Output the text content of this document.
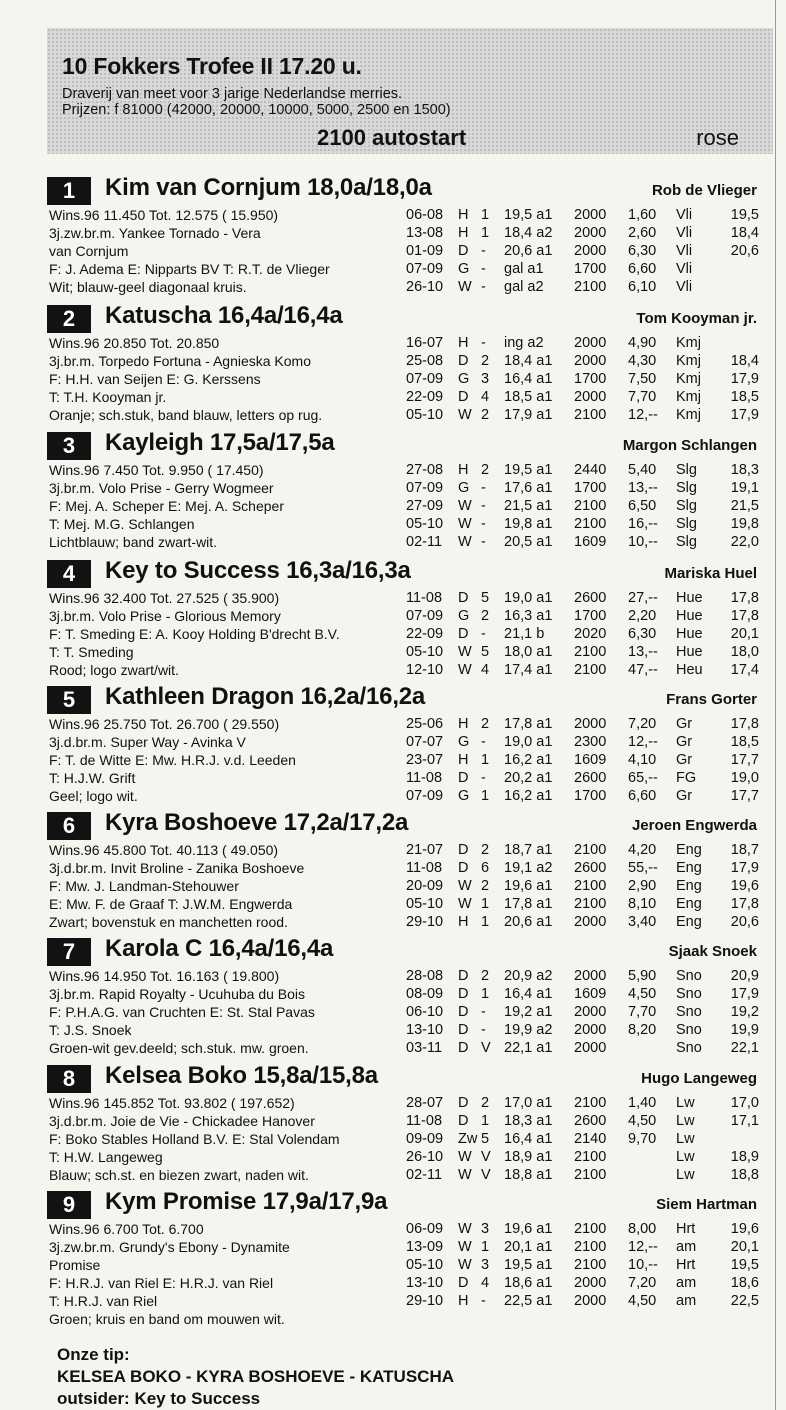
10 Fokkers Trofee II 17.20 u.
Draverij van meet voor 3 jarige Nederlandse merries.
Prijzen: f 81000 (42000, 20000, 10000, 5000, 2500 en 1500)
2100 autostart	rose
1	Kim van Cornjum 18,0a/18,0a	Rob de Vlieger
Wins.96 11.450 Tot. 12.575 ( 15.950)
3j.zw.br.m. Yankee Tornado - Vera
van Cornjum
F: J. Adema E: Nipparts BV T: R.T. de Vlieger
Wit; blauw-geel diagonaal kruis.
06-08 H 1 19,5 a1 2000 1,60 Vli	19,5
13-08 H 1 18,4 a2 2000 2,60 Vli	18,4
01-09 D - 20,6 a1 2000 6,30 Vli	20,6
07-09 G - gal a1 1700 6,60 Vli
26-10 W - gal a2 2100 6,10 Vli
2	Katuscha 16,4a/16,4a	Tom Kooyman jr.
Wins.96 20.850 Tot. 20.850
3j.br.m. Torpedo Fortuna - Agnieska Komo
F: H.H. van Seijen E: G. Kerssens
T: T.H. Kooyman jr.
Oranje; sch.stuk, band blauw, letters op rug.
16-07 H - ing a2 2000 4,90 Kmj
25-08 D 2 18,4 a1 2000 4,30 Kmj 18,4
07-09 G 3 16,4 a1 1700 7,50 Kmj 17,9
22-09 D 4 18,5 a1 2000 7,70 Kmj 18,5
05-10 W 2 17,9 a1 2100 12,-- Kmj 17,9
3	Kayleigh 17,5a/17,5a	Margon Schlangen
Wins.96 7.450 Tot. 9.950 ( 17.450)
3j.br.m. Volo Prise - Gerry Wogmeer
F: Mej. A. Scheper E: Mej. A. Scheper
T: Mej. M.G. Schlangen
Lichtblauw; band zwart-wit.
27-08 H 2 19,5 a1 2440 5,40 Slg 18,3
07-09 G - 17,6 a1 1700 13,-- Slg 19,1
27-09 W - 21,5 a1 2100 6,50 Slg 21,5
05-10 W - 19,8 a1 2100 16,-- Slg 19,8
02-11 W - 20,5 a1 1609 10,-- Slg 22,0
4	Key to Success 16,3a/16,3a	Mariska Huel
Wins.96 32.400 Tot. 27.525 ( 35.900)
3j.br.m. Volo Prise - Glorious Memory
F: T. Smeding E: A. Kooy Holding B'drecht B.V.
T: T. Smeding
Rood; logo zwart/wit.
11-08 D 5 19,0 a1 2600 27,-- Hue 17,8
07-09 G 2 16,3 a1 1700 2,20 Hue 17,8
22-09 D - 21,1 b 2020 6,30 Hue 20,1
05-10 W 5 18,0 a1 2100 13,-- Hue 18,0
12-10 W 4 17,4 a1 2100 47,-- Heu 17,4
5	Kathleen Dragon 16,2a/16,2a	Frans Gorter
Wins.96 25.750 Tot. 26.700 ( 29.550)
3j.d.br.m. Super Way - Avinka V
F: T. de Witte E: Mw. H.R.J. v.d. Leeden
T: H.J.W. Grift
Geel; logo wit.
25-06 H 2 17,8 a1 2000 7,20 Gr	17,8
07-07 G - 19,0 a1 2300 12,-- Gr	18,5
23-07 H 1 16,2 a1 1609 4,10 Gr	17,7
11-08 D - 20,2 a1 2600 65,-- FG 19,0
07-09 G 1 16,2 a1 1700 6,60 Gr	17,7
6	Kyra Boshoeve 17,2a/17,2a	Jeroen Engwerda
Wins.96 45.800 Tot. 40.113 ( 49.050)
3j.d.br.m. Invit Broline - Zanika Boshoeve
F: Mw. J. Landman-Stehouwer
E: Mw. F. de Graaf T: J.W.M. Engwerda
Zwart; bovenstuk en manchetten rood.
21-07 D 2 18,7 a1 2100 4,20 Eng 18,7
11-08 D 6 19,1 a2 2600 55,-- Eng 17,9
20-09 W 2 19,6 a1 2100 2,90 Eng 19,6
05-10 W 1 17,8 a1 2100 8,10 Eng 17,8
29-10 H 1 20,6 a1 2000 3,40 Eng 20,6
7	Karola C 16,4a/16,4a	Sjaak Snoek
Wins.96 14.950 Tot. 16.163 ( 19.800)
3j.br.m. Rapid Royalty - Ucuhuba du Bois
F: P.H.A.G. van Cruchten E: St. Stal Pavas
T: J.S. Snoek
Groen-wit gev.deeld; sch.stuk. mw. groen.
28-08 D 2 20,9 a2 2000 5,90 Sno 20,9
08-09 D 1 16,4 a1 1609 4,50 Sno 17,9
06-10 D - 19,2 a1 2000 7,70 Sno 19,2
13-10 D - 19,9 a2 2000 8,20 Sno 19,9
03-11 D V 22,1 a1 2000	Sno 22,1
8	Kelsea Boko 15,8a/15,8a	Hugo Langeweg
Wins.96 145.852 Tot. 93.802 ( 197.652)
3j.d.br.m. Joie de Vie - Chickadee Hanover
F: Boko Stables Holland B.V. E: Stal Volendam
T: H.W. Langeweg
Blauw; sch.st. en biezen zwart, naden wit.
28-07 D 2 17,0 a1 2100 1,40 Lw 17,0
11-08 D 1 18,3 a1 2600 4,50 Lw 17,1
09-09 Zw 5 16,4 a1 2140 9,70 Lw
26-10 W V 18,9 a1 2100	Lw 18,9
02-11 W V 18,8 a1 2100	Lw 18,8
9	Kym Promise 17,9a/17,9a	Siem Hartman
Wins.96 6.700 Tot. 6.700
3j.zw.br.m. Grundy's Ebony - Dynamite
Promise
F: H.R.J. van Riel E: H.R.J. van Riel
T: H.R.J. van Riel
Groen; kruis en band om mouwen wit.
06-09 W 3 19,6 a1 2100 8,00 Hrt 19,6
13-09 W 1 20,1 a1 2100 12,-- am 20,1
05-10 W 3 19,5 a1 2100 10,-- Hrt 19,5
13-10 D 4 18,6 a1 2000 7,20 am 18,6
29-10 H - 22,5 a1 2000 4,50 am 22,5
Onze tip:
KELSEA BOKO - KYRA BOSHOEVE - KATUSCHA
outsider: Key to Success
